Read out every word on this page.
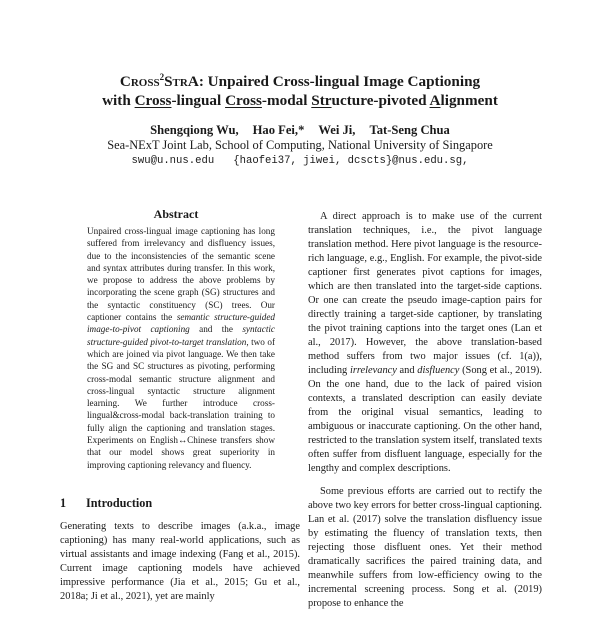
Cross$^2$StrA: Unpaired Cross-lingual Image Captioning
with Cross-lingual Cross-modal Structure-pivoted Alignment
Shengqiong Wu, Hao Fei,* Wei Ji, Tat-Seng Chua
Sea-NExT Joint Lab, School of Computing, National University of Singapore
swu@u.nus.edu   {haofei37, jiwei, dcscts}@nus.edu.sg,
Abstract
Unpaired cross-lingual image captioning has long suffered from irrelevancy and disfluency issues, due to the inconsistencies of the semantic scene and syntax attributes during transfer. In this work, we propose to address the above problems by incorporating the scene graph (SG) structures and the syntactic constituency (SC) trees. Our captioner contains the semantic structure-guided image-to-pivot captioning and the syntactic structure-guided pivot-to-target translation, two of which are joined via pivot language. We then take the SG and SC structures as pivoting, performing cross-modal semantic structure alignment and cross-lingual syntactic structure alignment learning. We further introduce cross-lingual&cross-modal back-translation training to fully align the captioning and translation stages. Experiments on English↔Chinese transfers show that our model shows great superiority in improving captioning relevancy and fluency.
1 Introduction

Generating texts to describe images (a.k.a., image captioning) has many real-world applications, such as virtual assistants and image indexing (Fang et al., 2015). Current image captioning models have achieved impressive performance (Jia et al., 2015; Gu et al., 2018a; Ji et al., 2021), yet are mainly

A direct approach is to make use of the current translation techniques, i.e., the pivot language translation method. Here pivot language is the resource-rich language, e.g., English. For example, the pivot-side captioner first generates pivot captions for images, which are then translated into the target-side captions. Or one can create the pseudo image-caption pairs for directly training a target-side captioner, by translating the pivot training captions into the target ones (Lan et al., 2017). However, the above translation-based method suffers from two major issues (cf. 1(a)), including irrelevancy and disfluency (Song et al., 2019). On the one hand, due to the lack of paired vision contexts, a translated description can easily deviate from the original visual semantics, leading to ambiguous or inaccurate captioning. On the other hand, restricted to the translation system itself, translated texts often suffer from disfluent language, especially for the lengthy and complex descriptions.

Some previous efforts are carried out to rectify the above two key errors for better cross-lingual captioning. Lan et al. (2017) solve the translation disfluency issue by estimating the fluency of translation texts, then rejecting those disfluent ones. Yet their method dramatically sacrifices the paired training data, and meanwhile suffers from low-efficiency owing to the incremental screening process. Song et al. (2019) propose to enhance the
